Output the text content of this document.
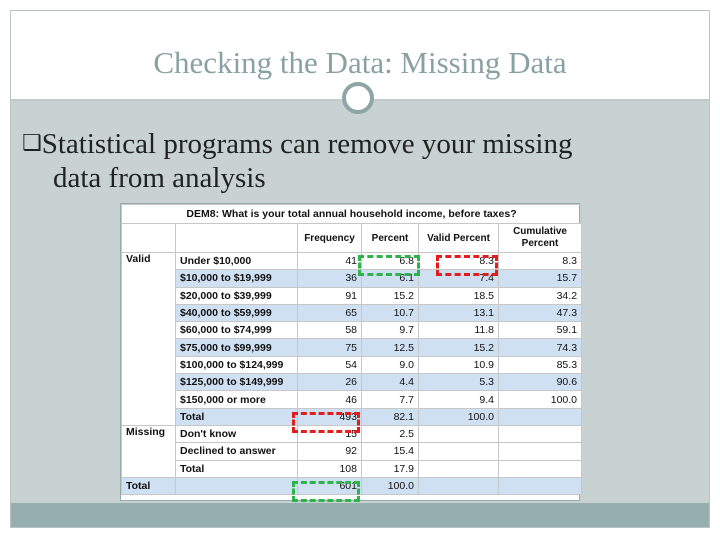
Checking the Data: Missing Data
❑Statistical programs can remove your missing
data from analysis
DEM8: What is your total annual household income, before taxes?					
		Frequency	Percent	Valid Percent	Cumulative Percent
Valid	Under $10,000	41	6.8	8.3	8.3
	$10,000 to $19,999	36	6.1	7.4	15.7
	$20,000 to $39,999	91	15.2	18.5	34.2
	$40,000 to $59,999	65	10.7	13.1	47.3
	$60,000 to $74,999	58	9.7	11.8	59.1
	$75,000 to $99,999	75	12.5	15.2	74.3
	$100,000 to $124,999	54	9.0	10.9	85.3
	$125,000 to $149,999	26	4.4	5.3	90.6
	$150,000 or more	46	7.7	9.4	100.0
	Total	493	82.1	100.0	
Missing	Don't know	15	2.5		
	Declined to answer	92	15.4		
	Total	108	17.9		
Total		601	100.0		
